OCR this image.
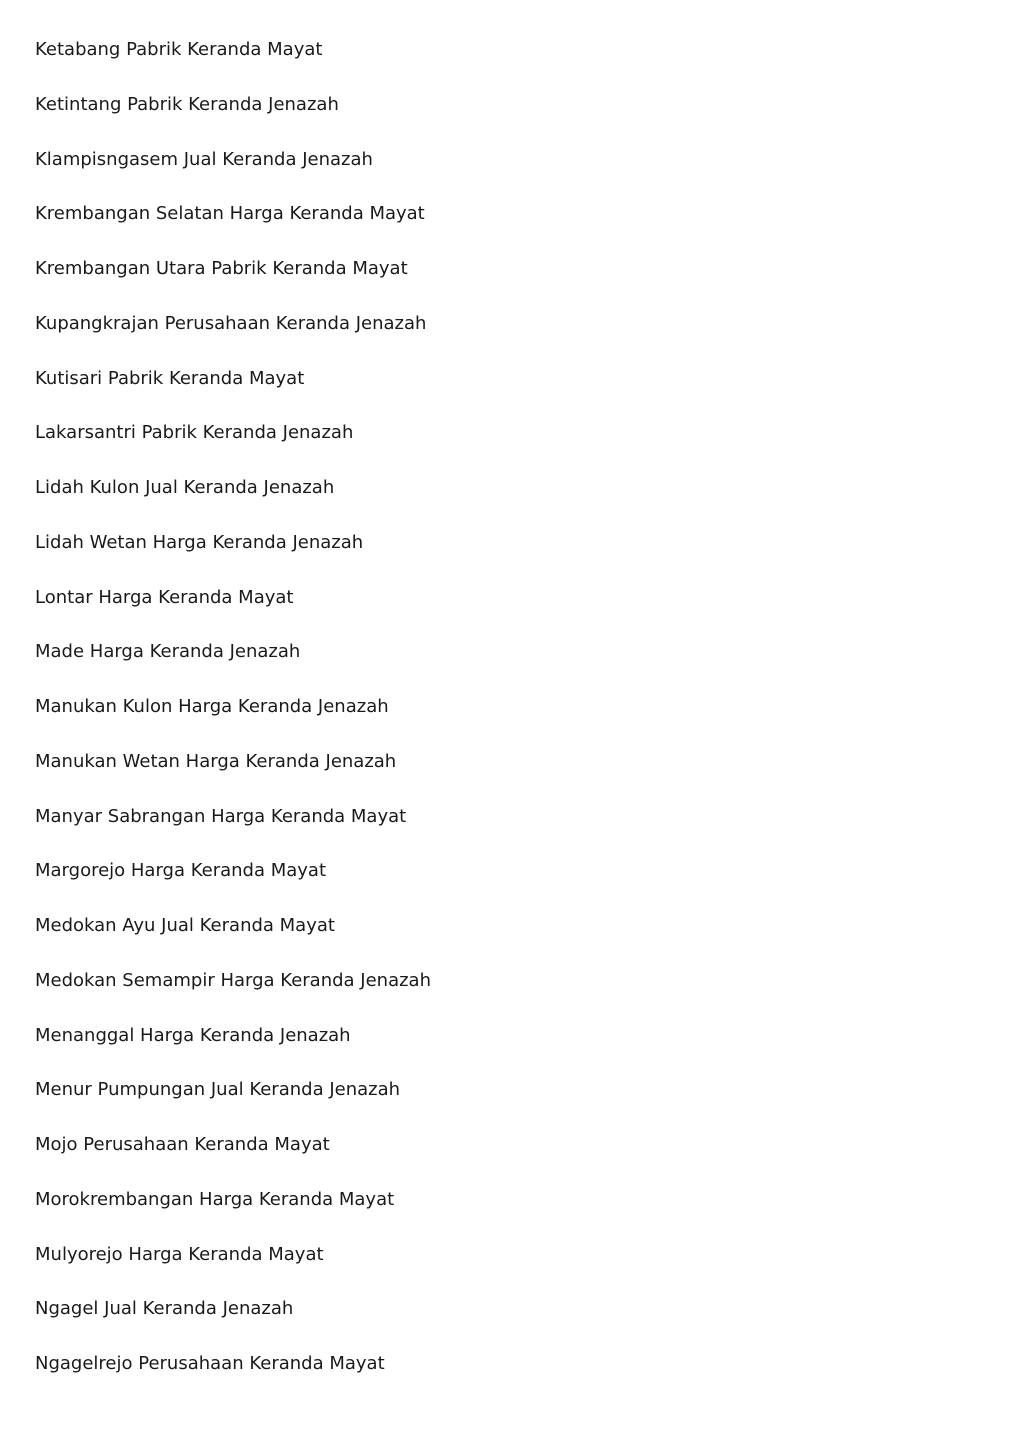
Ketabang Pabrik Keranda Mayat
Ketintang Pabrik Keranda Jenazah
Klampisngasem Jual Keranda Jenazah
Krembangan Selatan Harga Keranda Mayat
Krembangan Utara Pabrik Keranda Mayat
Kupangkrajan Perusahaan Keranda Jenazah
Kutisari Pabrik Keranda Mayat
Lakarsantri Pabrik Keranda Jenazah
Lidah Kulon Jual Keranda Jenazah
Lidah Wetan Harga Keranda Jenazah
Lontar Harga Keranda Mayat
Made Harga Keranda Jenazah
Manukan Kulon Harga Keranda Jenazah
Manukan Wetan Harga Keranda Jenazah
Manyar Sabrangan Harga Keranda Mayat
Margorejo Harga Keranda Mayat
Medokan Ayu Jual Keranda Mayat
Medokan Semampir Harga Keranda Jenazah
Menanggal Harga Keranda Jenazah
Menur Pumpungan Jual Keranda Jenazah
Mojo Perusahaan Keranda Mayat
Morokrembangan Harga Keranda Mayat
Mulyorejo Harga Keranda Mayat
Ngagel Jual Keranda Jenazah
Ngagelrejo Perusahaan Keranda Mayat
